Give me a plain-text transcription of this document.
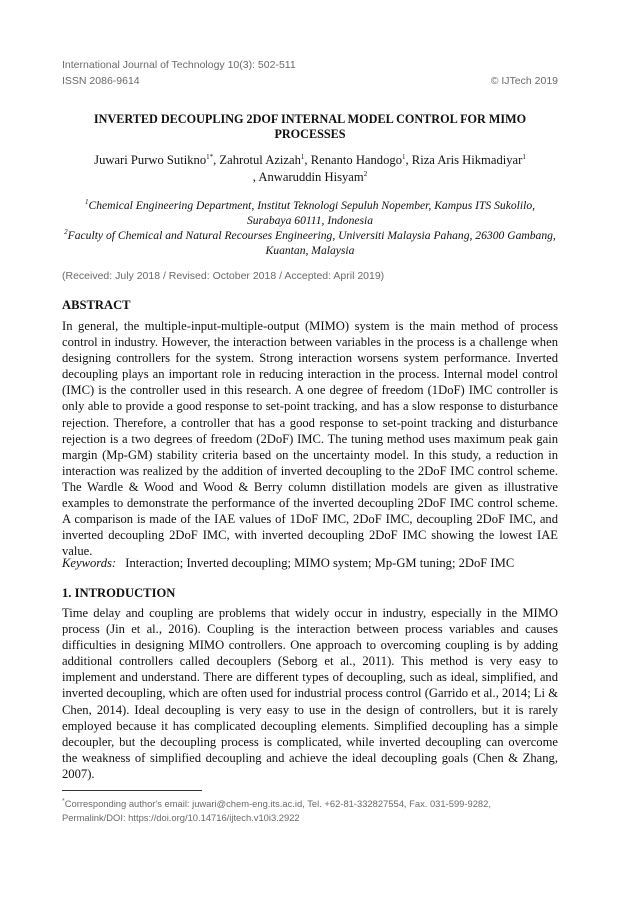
International Journal of Technology 10(3): 502-511
ISSN 2086-9614	© IJTech 2019
INVERTED DECOUPLING 2DOF INTERNAL MODEL CONTROL FOR MIMO PROCESSES
Juwari Purwo Sutikno$^{1*}$, Zahrotul Azizah$^1$, Renanto Handogo$^1$, Riza Aris Hikmadiyar$^1$
, Anwaruddin Hisyam$^2$

$^1$Chemical Engineering Department, Institut Teknologi Sepuluh Nopember, Kampus ITS Sukolilo, Surabaya 60111, Indonesia

$^2$Faculty of Chemical and Natural Recourses Engineering, Universiti Malaysia Pahang, 26300 Gambang, Kuantan, Malaysia

(Received: July 2018 / Revised: October 2018 / Accepted: April 2019)
ABSTRACT

In general, the multiple-input-multiple-output (MIMO) system is the main method of process control in industry. However, the interaction between variables in the process is a challenge when designing controllers for the system. Strong interaction worsens system performance. Inverted decoupling plays an important role in reducing interaction in the process. Internal model control (IMC) is the controller used in this research. A one degree of freedom (1DoF) IMC controller is only able to provide a good response to set-point tracking, and has a slow response to disturbance rejection. Therefore, a controller that has a good response to set-point tracking and disturbance rejection is a two degrees of freedom (2DoF) IMC. The tuning method uses maximum peak gain margin (Mp-GM) stability criteria based on the uncertainty model. In this study, a reduction in interaction was realized by the addition of inverted decoupling to the 2DoF IMC control scheme. The Wardle & Wood and Wood & Berry column distillation models are given as illustrative examples to demonstrate the performance of the inverted decoupling 2DoF IMC control scheme. A comparison is made of the IAE values of 1DoF IMC, 2DoF IMC, decoupling 2DoF IMC, and inverted decoupling 2DoF IMC, with inverted decoupling 2DoF IMC showing the lowest IAE value.

Keywords: Interaction; Inverted decoupling; MIMO system; Mp-GM tuning; 2DoF IMC
1. INTRODUCTION

Time delay and coupling are problems that widely occur in industry, especially in the MIMO process (Jin et al., 2016). Coupling is the interaction between process variables and causes difficulties in designing MIMO controllers. One approach to overcoming coupling is by adding additional controllers called decouplers (Seborg et al., 2011). This method is very easy to implement and understand. There are different types of decoupling, such as ideal, simplified, and inverted decoupling, which are often used for industrial process control (Garrido et al., 2014; Li & Chen, 2014). Ideal decoupling is very easy to use in the design of controllers, but it is rarely employed because it has complicated decoupling elements. Simplified decoupling has a simple decoupler, but the decoupling process is complicated, while inverted decoupling can overcome the weakness of simplified decoupling and achieve the ideal decoupling goals (Chen & Zhang, 2007).

*Corresponding author's email: juwari@chem-eng.its.ac.id, Tel. +62-81-332827554, Fax. 031-599-9282,
Permalink/DOI: https://doi.org/10.14716/ijtech.v10i3.2922
